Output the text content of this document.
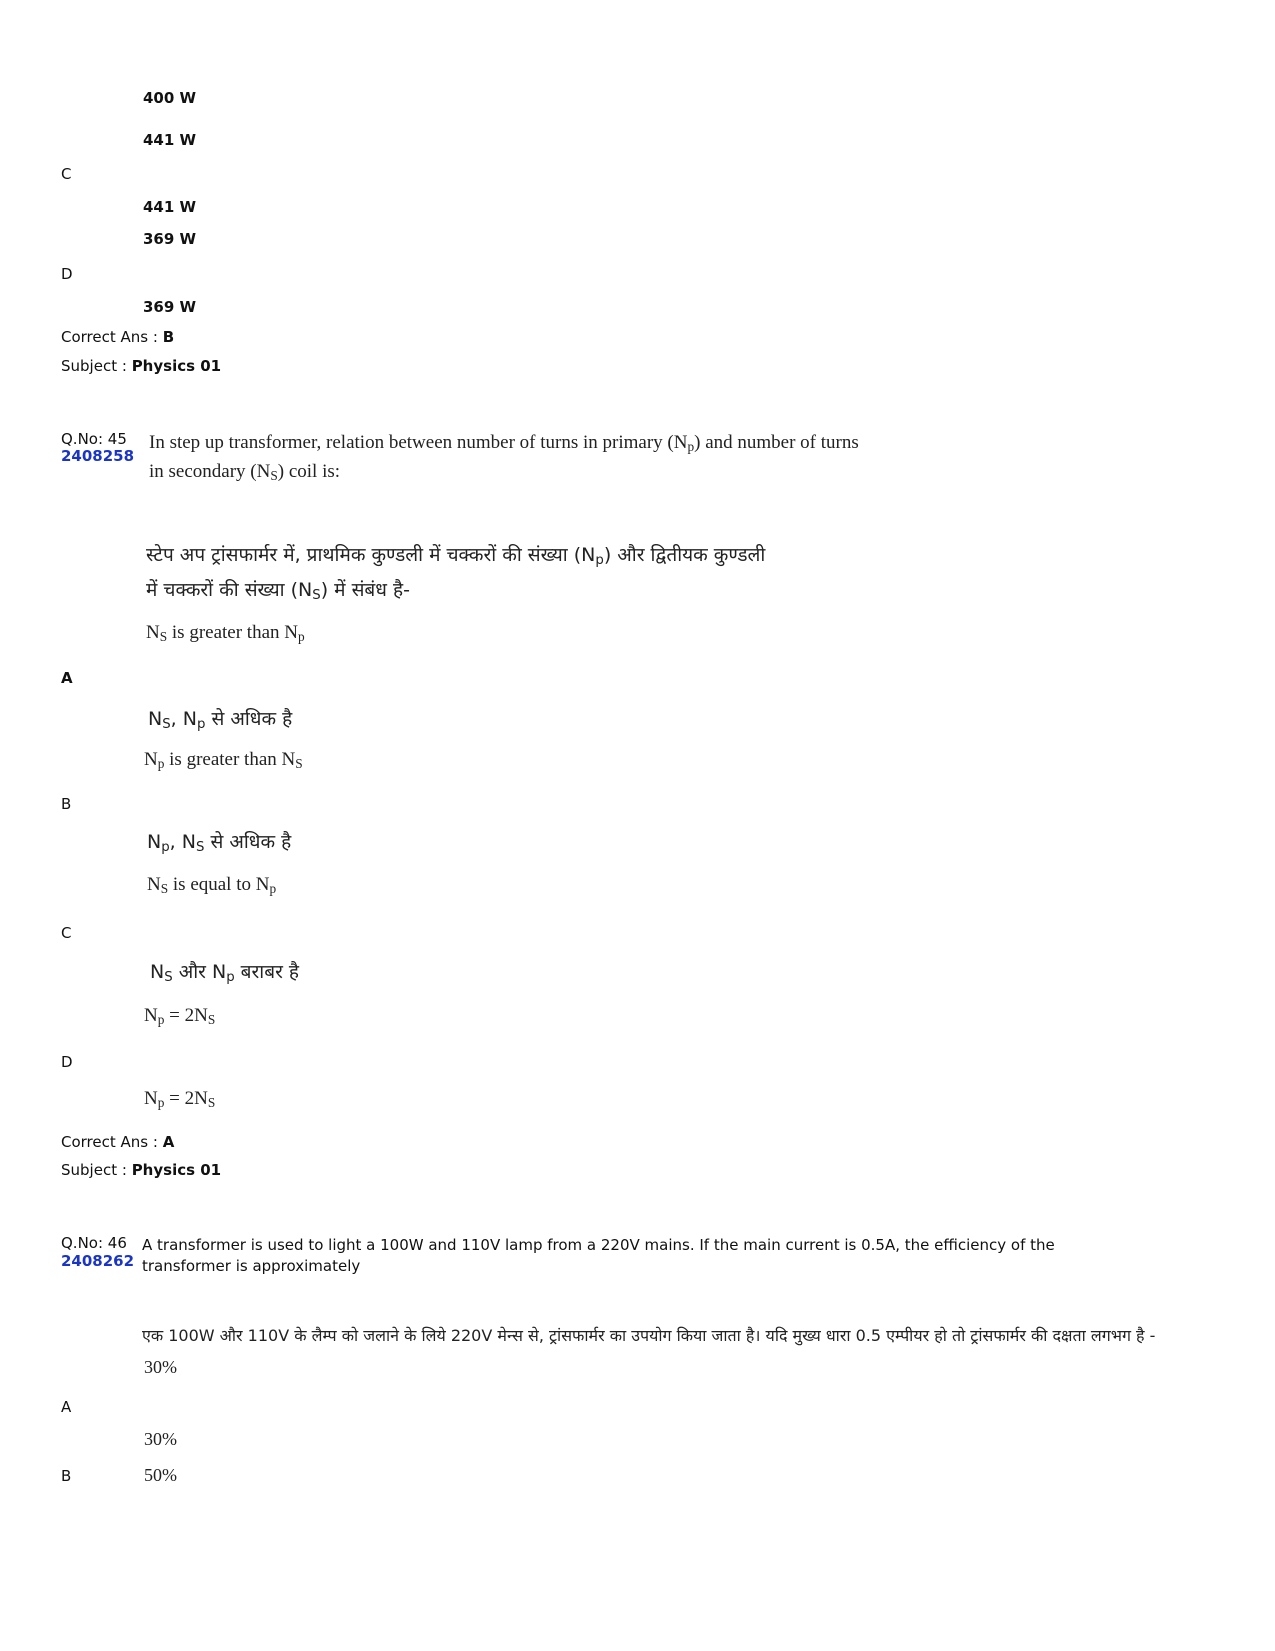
400 W
441 W
C
441 W
369 W
D
369 W
Correct Ans : B
Subject : Physics 01
Q.No: 45
2408258
In step up transformer, relation between number of turns in primary $(N_p)$ and number of turns
in secondary $(N_S)$ coil is:
स्टेप अप ट्रांसफार्मर में, प्राथमिक कुण्डली में चक्करों की संख्या $(N_p)$ और द्वितीयक कुण्डली
में चक्करों की संख्या $(N_S)$ में संबंध है-
$N_S$ is greater than $N_p$
A
$N_S$, $N_p$ से अधिक है
$N_p$ is greater than $N_S$
B
$N_p$, $N_S$ से अधिक है
$N_S$ is equal to $N_p$
C
$N_S$ और $N_p$ बराबर है
$N_p = 2N_S$
D
$N_p = 2N_S$
Correct Ans : A
Subject : Physics 01
Q.No: 46
2408262
A transformer is used to light a 100W and 110V lamp from a 220V mains. If the main current is 0.5A, the efficiency of the transformer is approximately
एक 100W और 110V के लैम्प को जलाने के लिये 220V मेन्स से, ट्रांसफार्मर का उपयोग किया जाता है। यदि मुख्य धारा 0.5 एम्पीयर हो तो ट्रांसफार्मर की दक्षता लगभग है -
30%
A
30%
B	50%
